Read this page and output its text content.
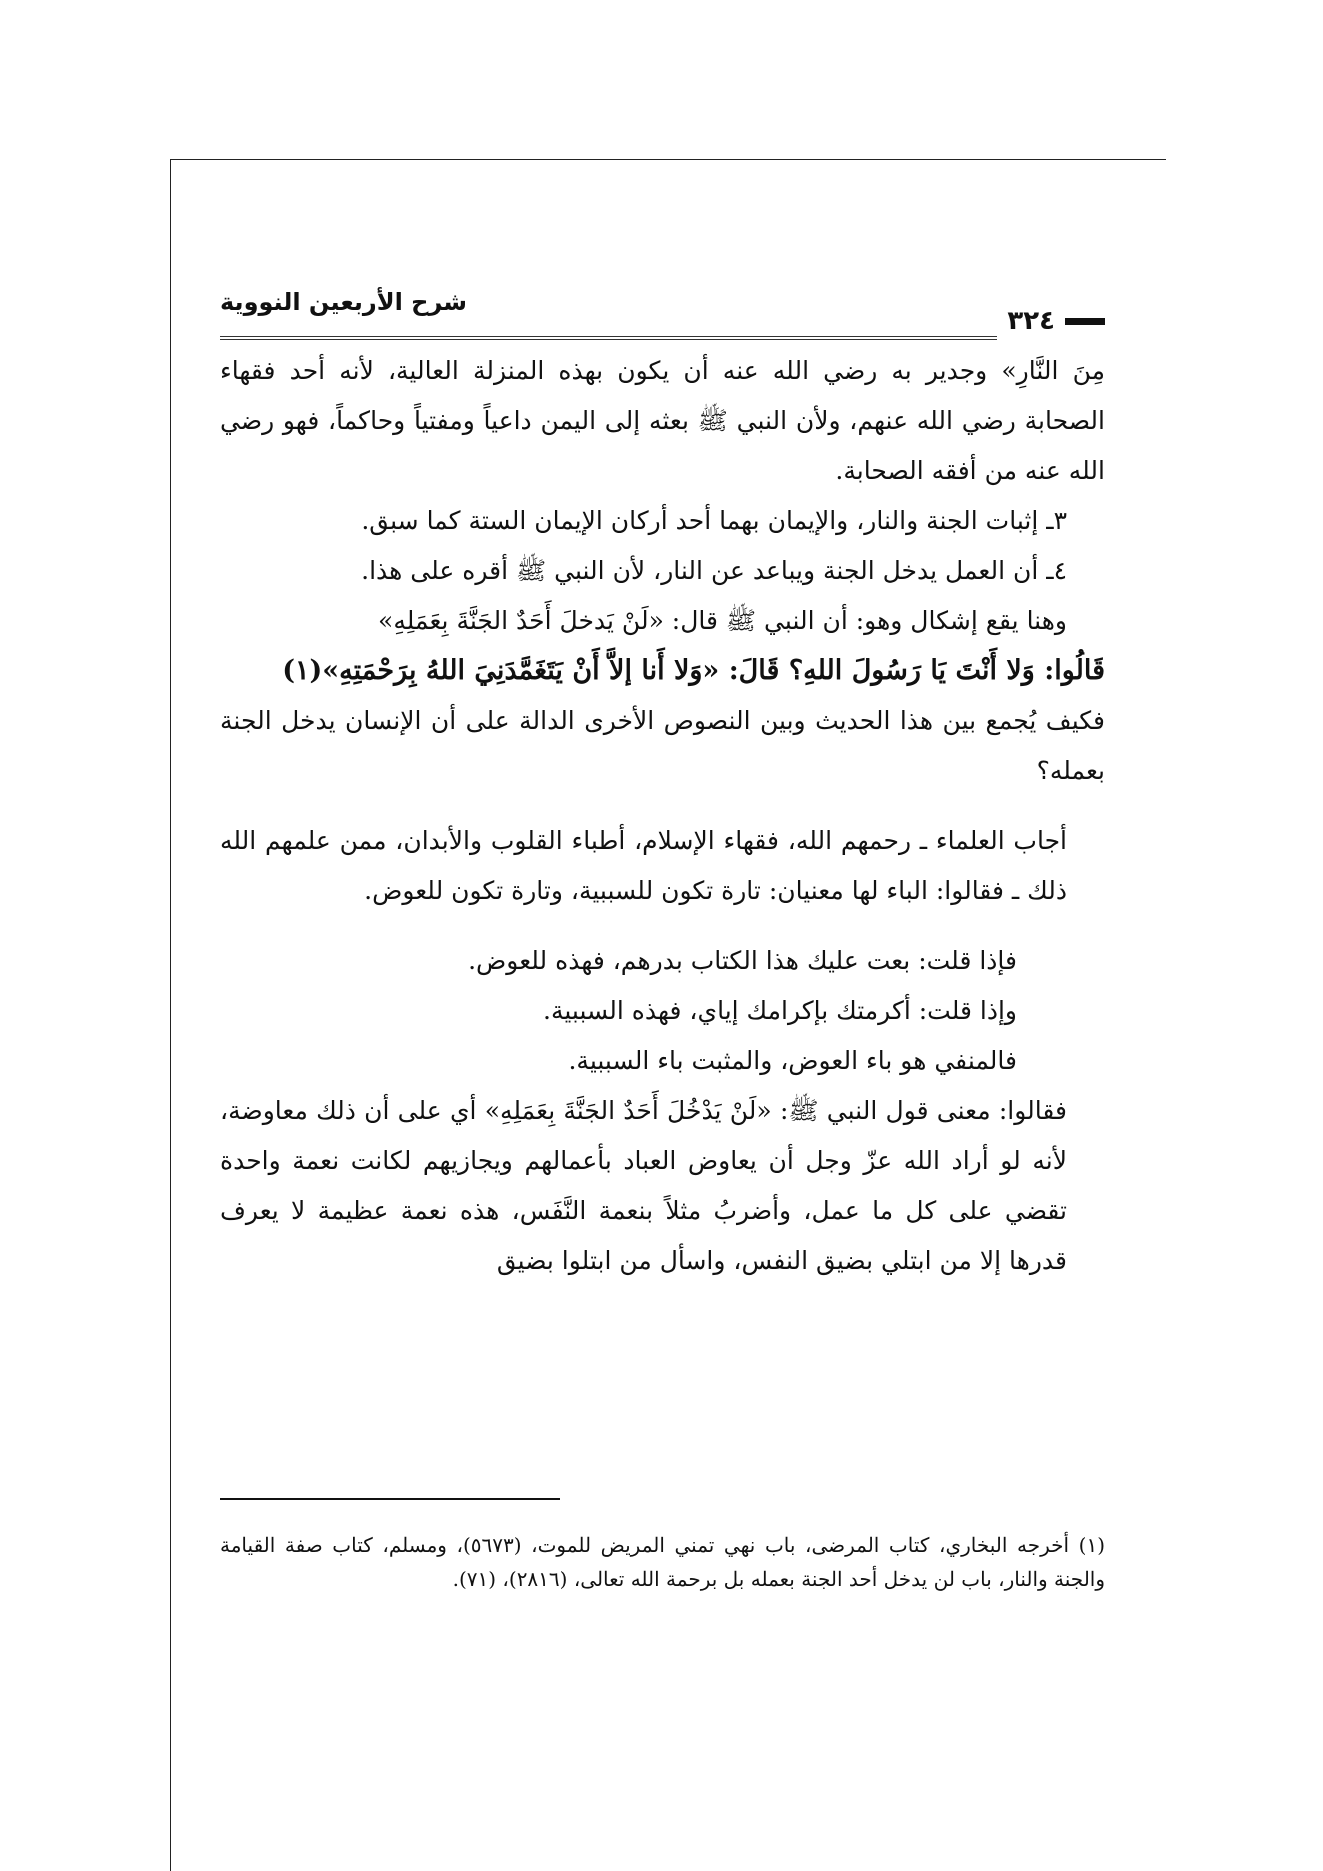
٣٢٤
شرح الأربعين النووية

مِنَ النَّارِ» وجدير به رضي الله عنه أن يكون بهذه المنزلة العالية، لأنه أحد فقهاء الصحابة رضي الله عنهم، ولأن النبي ﷺ بعثه إلى اليمن داعياً ومفتياً وحاكماً، فهو رضي الله عنه من أفقه الصحابة.

٣ـ إثبات الجنة والنار، والإيمان بهما أحد أركان الإيمان الستة كما سبق.

٤ـ أن العمل يدخل الجنة ويباعد عن النار، لأن النبي ﷺ أقره على هذا.

وهنا يقع إشكال وهو: أن النبي ﷺ قال: «لَنْ يَدخلَ أَحَدٌ الجَنَّةَ بِعَمَلِهِ»

قَالُوا: وَلا أَنْتَ يَا رَسُولَ اللهِ؟ قَالَ: «وَلا أَنا إلاَّ أَنْ يَتَغَمَّدَنِيَ اللهُ بِرَحْمَتِهِ»(١)

فكيف يُجمع بين هذا الحديث وبين النصوص الأخرى الدالة على أن الإنسان يدخل الجنة بعمله؟

أجاب العلماء ـ رحمهم الله، فقهاء الإسلام، أطباء القلوب والأبدان، ممن علمهم الله ذلك ـ فقالوا: الباء لها معنيان: تارة تكون للسببية، وتارة تكون للعوض.

فإذا قلت: بعت عليك هذا الكتاب بدرهم، فهذه للعوض.

وإذا قلت: أكرمتك بإكرامك إياي، فهذه السببية.

فالمنفي هو باء العوض، والمثبت باء السببية.

فقالوا: معنى قول النبي ﷺ: «لَنْ يَدْخُلَ أَحَدٌ الجَنَّةَ بِعَمَلِهِ» أي على أن ذلك معاوضة، لأنه لو أراد الله عزّ وجل أن يعاوض العباد بأعمالهم ويجازيهم لكانت نعمة واحدة تقضي على كل ما عمل، وأضربُ مثلاً بنعمة النَّفَس، هذه نعمة عظيمة لا يعرف قدرها إلا من ابتلي بضيق النفس، واسأل من ابتلوا بضيق

(١) أخرجه البخاري، كتاب المرضى، باب نهي تمني المريض للموت، (٥٦٧٣)، ومسلم، كتاب صفة القيامة والجنة والنار، باب لن يدخل أحد الجنة بعمله بل برحمة الله تعالى، (٢٨١٦)، (٧١).
